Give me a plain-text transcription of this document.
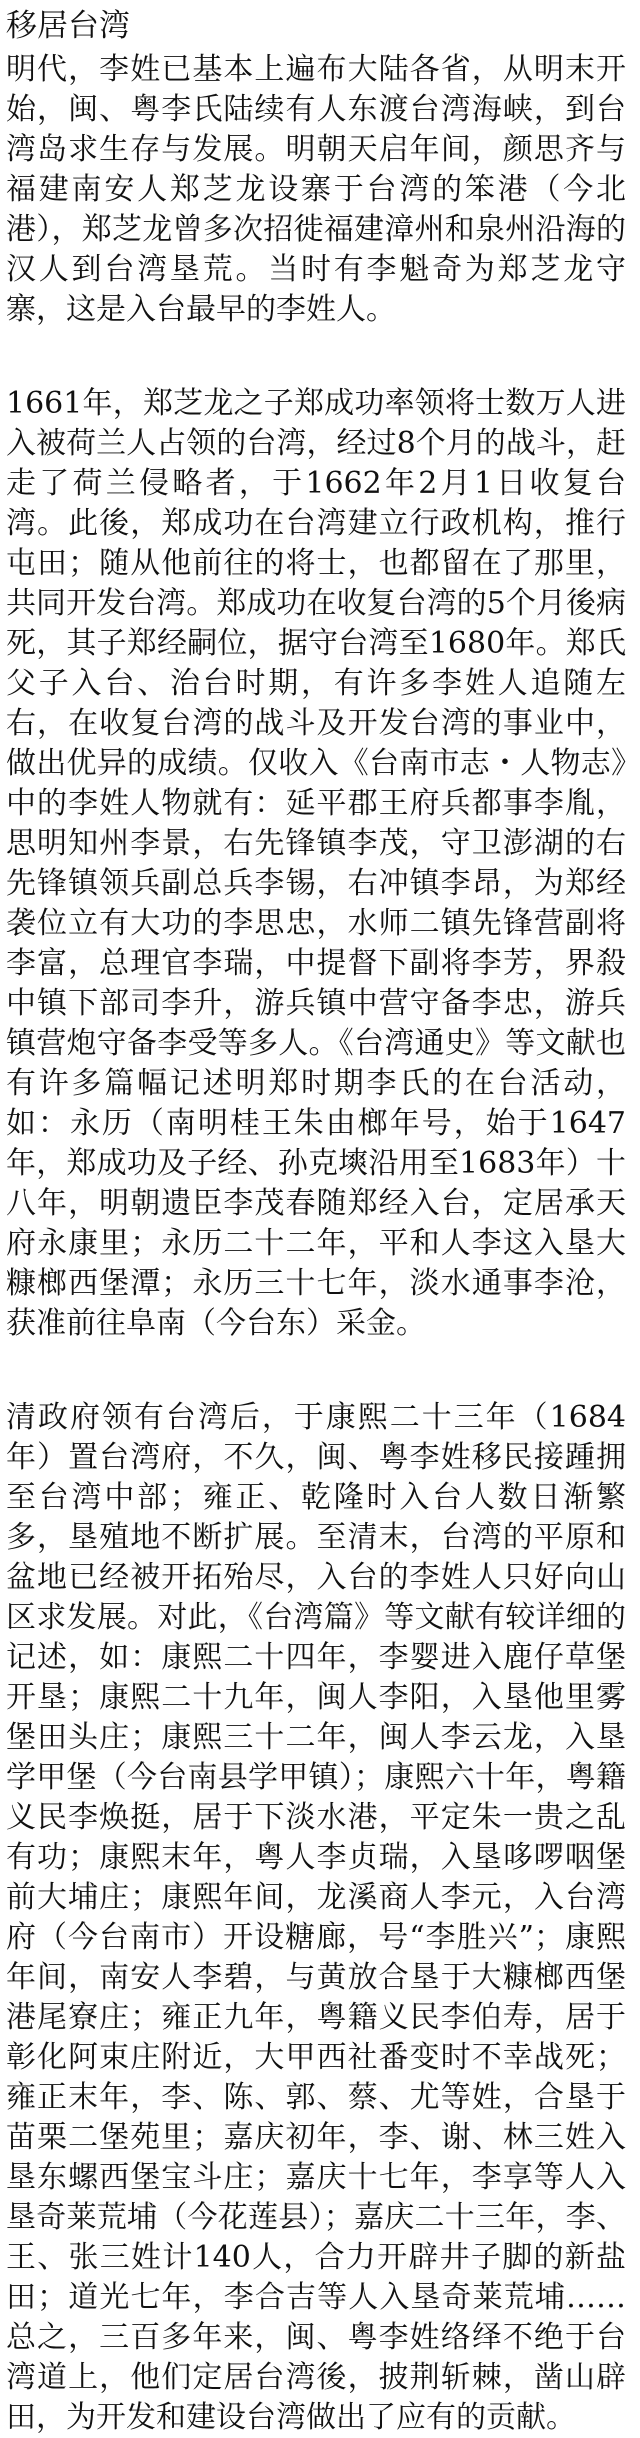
移居台湾

明代，李姓已基本上遍布大陆各省，从明末开始，闽、粤李氏陆续有人东渡台湾海峡，到台湾岛求生存与发展。明朝天启年间，颜思齐与福建南安人郑芝龙设寨于台湾的笨港（今北港），郑芝龙曾多次招徙福建漳州和泉州沿海的汉人到台湾垦荒。当时有李魁奇为郑芝龙守寨，这是入台最早的李姓人。

1661年，郑芝龙之子郑成功率领将士数万人进入被荷兰人占领的台湾，经过8个月的战斗，赶走了荷兰侵略者，于1662年2月1日收复台湾。此後，郑成功在台湾建立行政机构，推行屯田；随从他前往的将士，也都留在了那里，共同开发台湾。郑成功在收复台湾的5个月後病死，其子郑经嗣位，据守台湾至1680年。郑氏父子入台、治台时期，有许多李姓人追随左右，在收复台湾的战斗及开发台湾的事业中，做出优异的成绩。仅收入《台南市志・人物志》中的李姓人物就有：延平郡王府兵都事李胤，思明知州李景，右先锋镇李茂，守卫澎湖的右先锋镇领兵副总兵李锡，右冲镇李昂，为郑经袭位立有大功的李思忠，水师二镇先锋营副将李富，总理官李瑞，中提督下副将李芳，界殺中镇下部司李升，游兵镇中营守备李忠，游兵镇营炮守备李受等多人。《台湾通史》等文献也有许多篇幅记述明郑时期李氏的在台活动，如：永历（南明桂王朱由榔年号，始于1647年，郑成功及子经、孙克塽沿用至1683年）十八年，明朝遗臣李茂春随郑经入台，定居承天府永康里；永历二十二年，平和人李这入垦大糠榔西堡潭；永历三十七年，淡水通事李沧，获准前往阜南（今台东）采金。

清政府领有台湾后，于康熙二十三年（1684年）置台湾府，不久，闽、粤李姓移民接踵拥至台湾中部；雍正、乾隆时入台人数日渐繁多，垦殖地不断扩展。至清末，台湾的平原和盆地已经被开拓殆尽，入台的李姓人只好向山区求发展。对此，《台湾篇》等文献有较详细的记述，如：康熙二十四年，李婴进入鹿仔草堡开垦；康熙二十九年，闽人李阳，入垦他里雾堡田头庄；康熙三十二年，闽人李云龙，入垦学甲堡（今台南县学甲镇）；康熙六十年，粤籍义民李焕挺，居于下淡水港，平定朱一贵之乱有功；康熙末年，粤人李贞瑞，入垦哆啰咽堡前大埔庄；康熙年间，龙溪商人李元，入台湾府（今台南市）开设糖廊，号“李胜兴”；康熙年间，南安人李碧，与黄放合垦于大糠榔西堡港尾寮庄；雍正九年，粤籍义民李伯寿，居于彰化阿束庄附近，大甲西社番变时不幸战死；雍正末年，李、陈、郭、蔡、尤等姓，合垦于苗栗二堡苑里；嘉庆初年，李、谢、林三姓入垦东螺西堡宝斗庄；嘉庆十七年，李享等人入垦奇莱荒埔（今花莲县）；嘉庆二十三年，李、王、张三姓计140人，合力开辟井子脚的新盐田；道光七年，李合吉等人入垦奇莱荒埔……总之，三百多年来，闽、粤李姓络绎不绝于台湾道上，他们定居台湾後，披荆斩棘，凿山辟田，为开发和建设台湾做出了应有的贡献。
